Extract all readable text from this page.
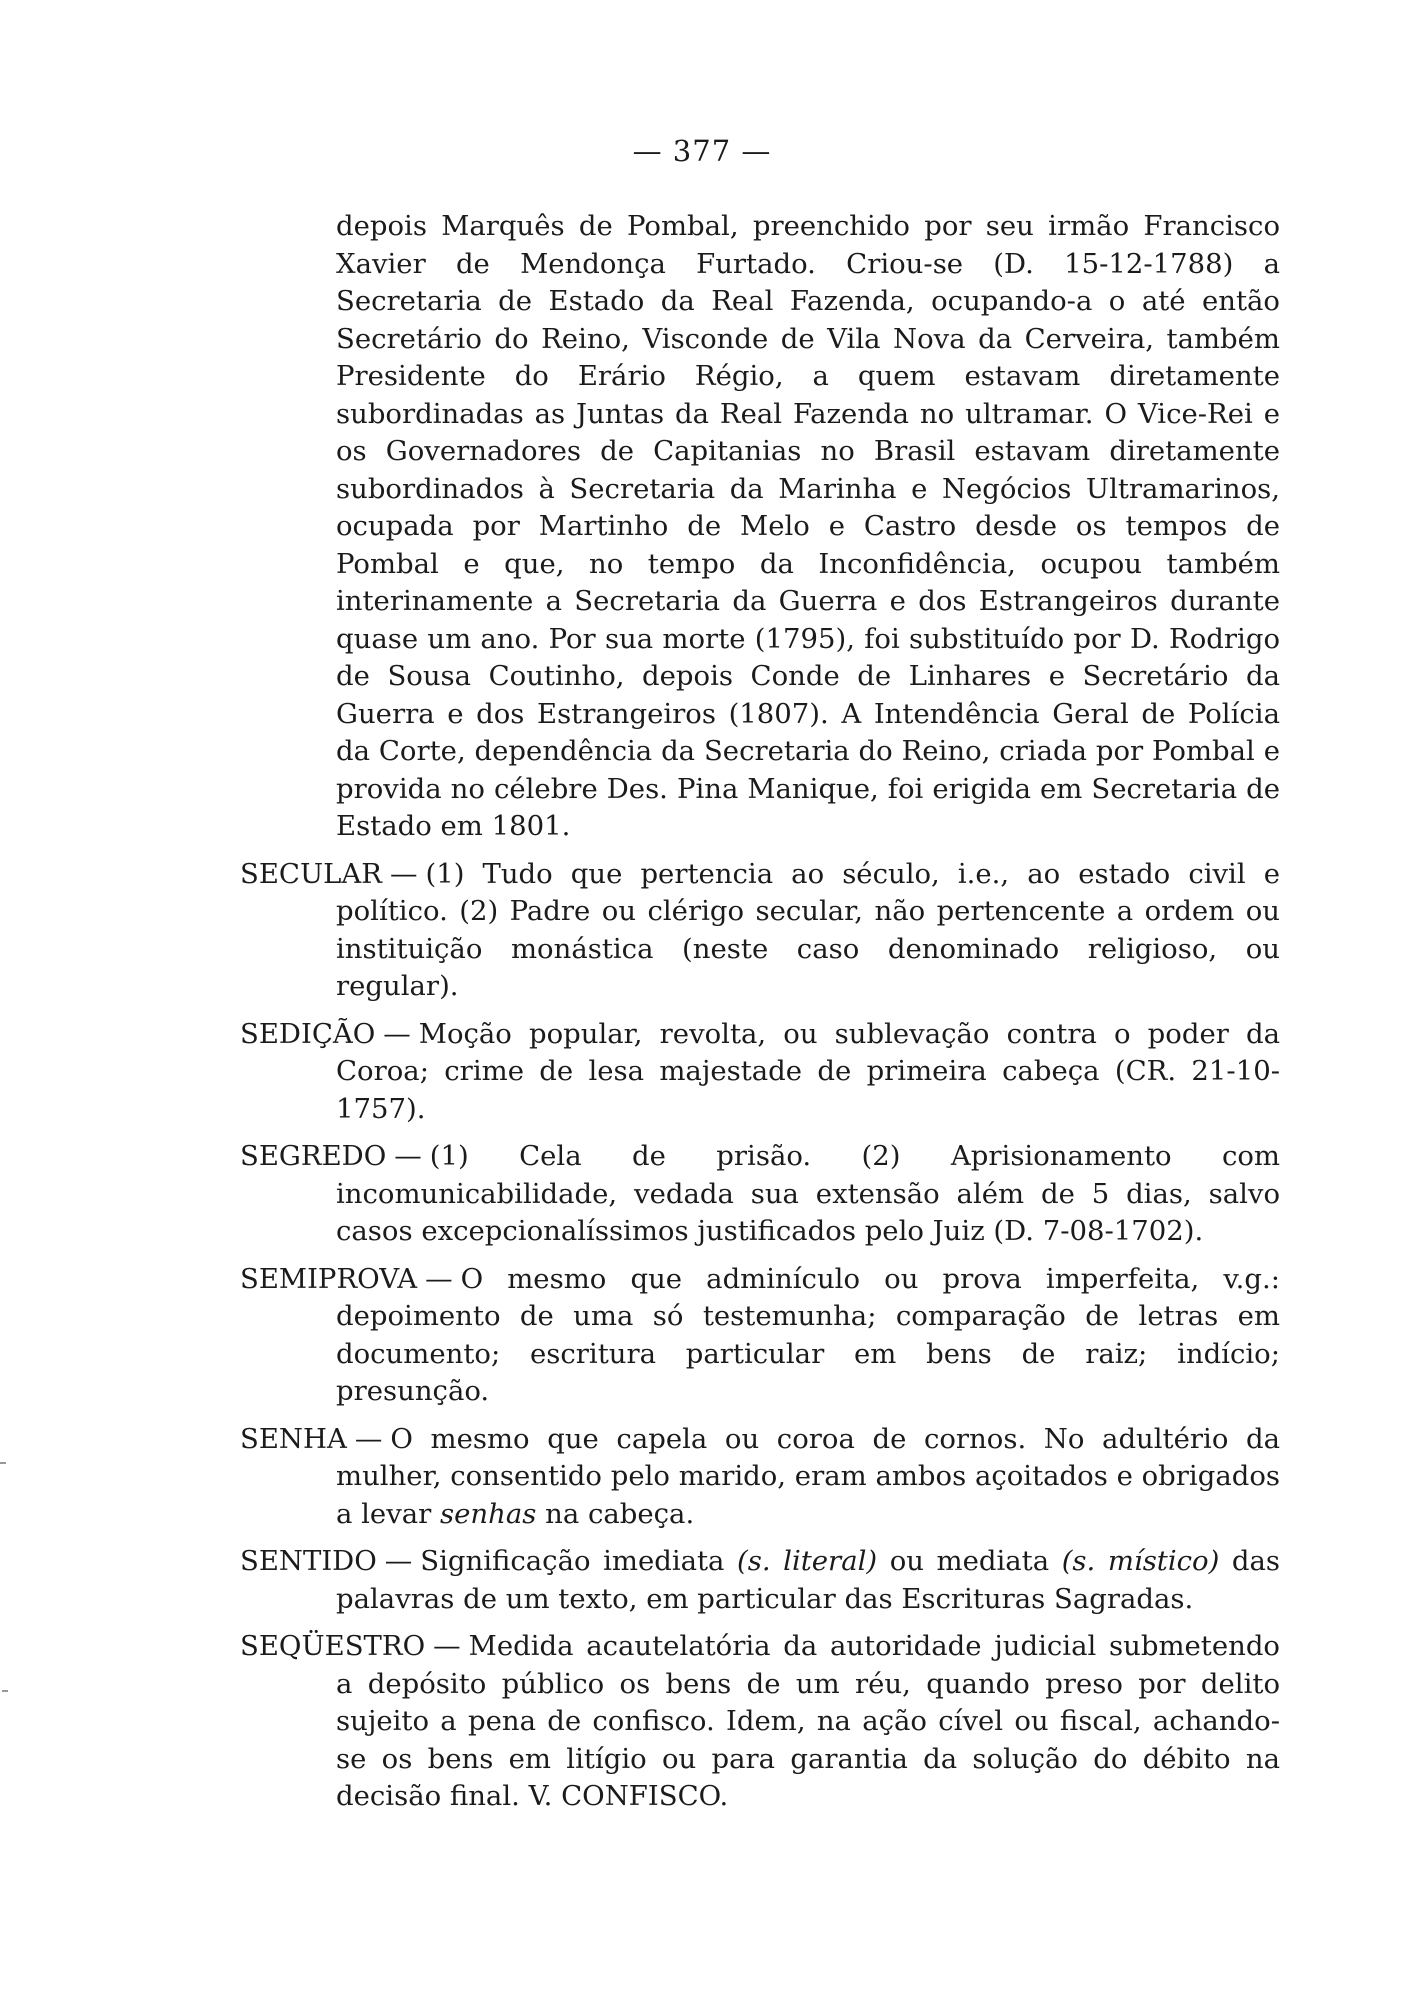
— 377 —

depois Marquês de Pombal, preenchido por seu irmão Francisco Xavier de Mendonça Furtado. Criou-se (D. 15-12-1788) a Secretaria de Estado da Real Fazenda, ocupando-a o até então Secretário do Reino, Visconde de Vila Nova da Cerveira, também Presidente do Erário Régio, a quem estavam diretamente subordinadas as Juntas da Real Fazenda no ultramar. O Vice-Rei e os Governadores de Capitanias no Brasil estavam diretamente subordinados à Secretaria da Marinha e Negócios Ultramarinos, ocupada por Martinho de Melo e Castro desde os tempos de Pombal e que, no tempo da Inconfidência, ocupou também interinamente a Secretaria da Guerra e dos Estrangeiros durante quase um ano. Por sua morte (1795), foi substituído por D. Rodrigo de Sousa Coutinho, depois Conde de Linhares e Secretário da Guerra e dos Estrangeiros (1807). A Intendência Geral de Polícia da Corte, dependência da Secretaria do Reino, criada por Pombal e provida no célebre Des. Pina Manique, foi erigida em Secretaria de Estado em 1801.

SECULAR — (1) Tudo que pertencia ao século, i.e., ao estado civil e político. (2) Padre ou clérigo secular, não pertencente a ordem ou instituição monástica (neste caso denominado religioso, ou regular).

SEDIÇÃO — Moção popular, revolta, ou sublevação contra o poder da Coroa; crime de lesa majestade de primeira cabeça (CR. 21-10-1757).

SEGREDO — (1) Cela de prisão. (2) Aprisionamento com incomunicabilidade, vedada sua extensão além de 5 dias, salvo casos excepcionalíssimos justificados pelo Juiz (D. 7-08-1702).

SEMIPROVA — O mesmo que adminículo ou prova imperfeita, v.g.: depoimento de uma só testemunha; comparação de letras em documento; escritura particular em bens de raiz; indício; presunção.

SENHA — O mesmo que capela ou coroa de cornos. No adultério da mulher, consentido pelo marido, eram ambos açoitados e obrigados a levar senhas na cabeça.

SENTIDO — Significação imediata (s. literal) ou mediata (s. místico) das palavras de um texto, em particular das Escrituras Sagradas.

SEQÜESTRO — Medida acautelatória da autoridade judicial submetendo a depósito público os bens de um réu, quando preso por delito sujeito a pena de confisco. Idem, na ação cível ou fiscal, achando-se os bens em litígio ou para garantia da solução do débito na decisão final. V. CONFISCO.
